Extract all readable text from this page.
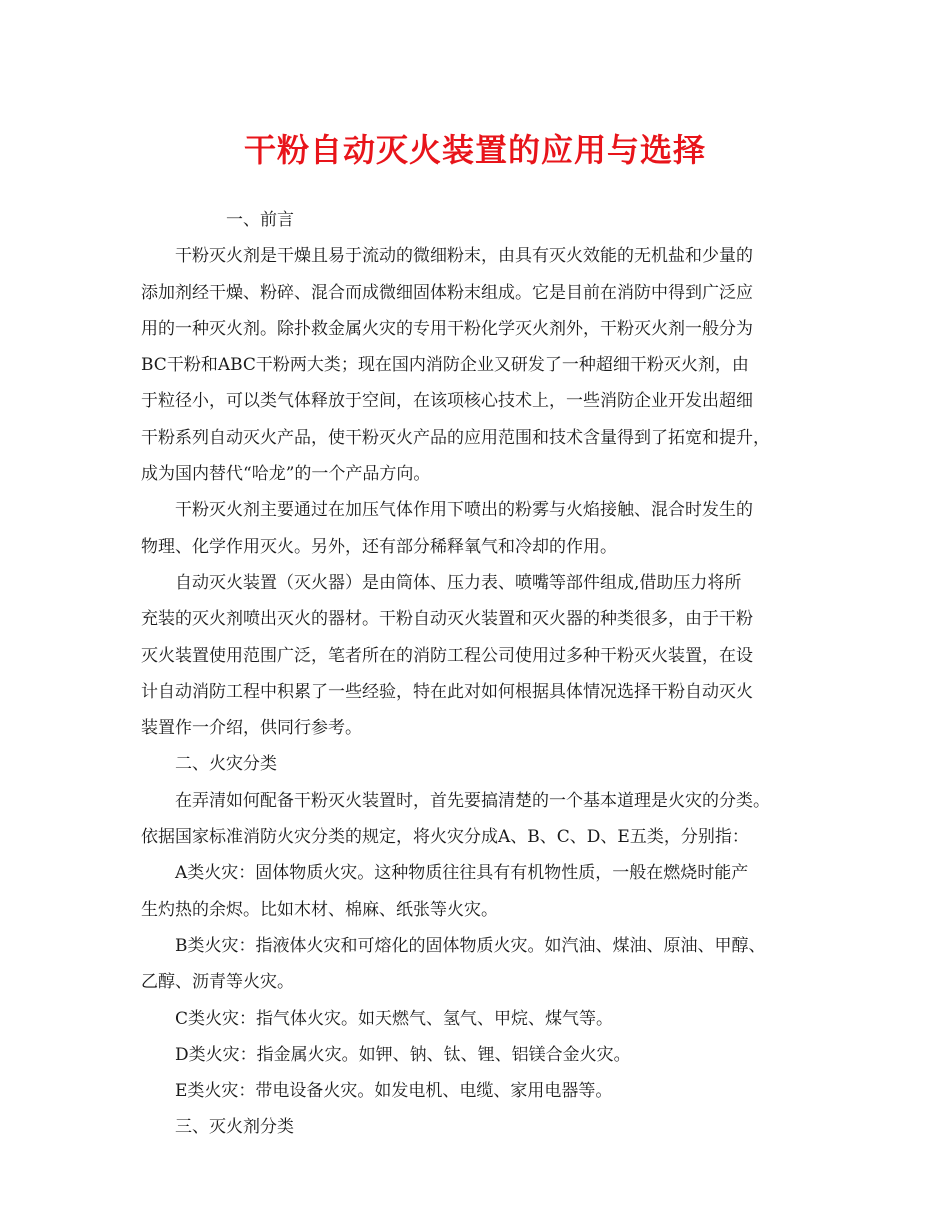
干粉自动灭火装置的应用与选择

一、前言

干粉灭火剂是干燥且易于流动的微细粉末，由具有灭火效能的无机盐和少量的
添加剂经干燥、粉碎、混合而成微细固体粉末组成。它是目前在消防中得到广泛应
用的一种灭火剂。除扑救金属火灾的专用干粉化学灭火剂外，干粉灭火剂一般分为
BC干粉和ABC干粉两大类；现在国内消防企业又研发了一种超细干粉灭火剂，由
于粒径小，可以类气体释放于空间，在该项核心技术上，一些消防企业开发出超细
干粉系列自动灭火产品，使干粉灭火产品的应用范围和技术含量得到了拓宽和提升，
成为国内替代“哈龙”的一个产品方向。

干粉灭火剂主要通过在加压气体作用下喷出的粉雾与火焰接触、混合时发生的
物理、化学作用灭火。另外，还有部分稀释氧气和冷却的作用。

自动灭火装置（灭火器）是由筒体、压力表、喷嘴等部件组成,借助压力将所
充装的灭火剂喷出灭火的器材。干粉自动灭火装置和灭火器的种类很多，由于干粉
灭火装置使用范围广泛，笔者所在的消防工程公司使用过多种干粉灭火装置，在设
计自动消防工程中积累了一些经验，特在此对如何根据具体情况选择干粉自动灭火
装置作一介绍，供同行参考。

二、火灾分类

在弄清如何配备干粉灭火装置时，首先要搞清楚的一个基本道理是火灾的分类。
依据国家标准消防火灾分类的规定，将火灾分成A、B、C、D、E五类，分别指：

A类火灾：固体物质火灾。这种物质往往具有有机物性质，一般在燃烧时能产
生灼热的余烬。比如木材、棉麻、纸张等火灾。

B类火灾：指液体火灾和可熔化的固体物质火灾。如汽油、煤油、原油、甲醇、
乙醇、沥青等火灾。

C类火灾：指气体火灾。如天燃气、氢气、甲烷、煤气等。

D类火灾：指金属火灾。如钾、钠、钛、锂、铝镁合金火灾。

E类火灾：带电设备火灾。如发电机、电缆、家用电器等。

三、灭火剂分类
